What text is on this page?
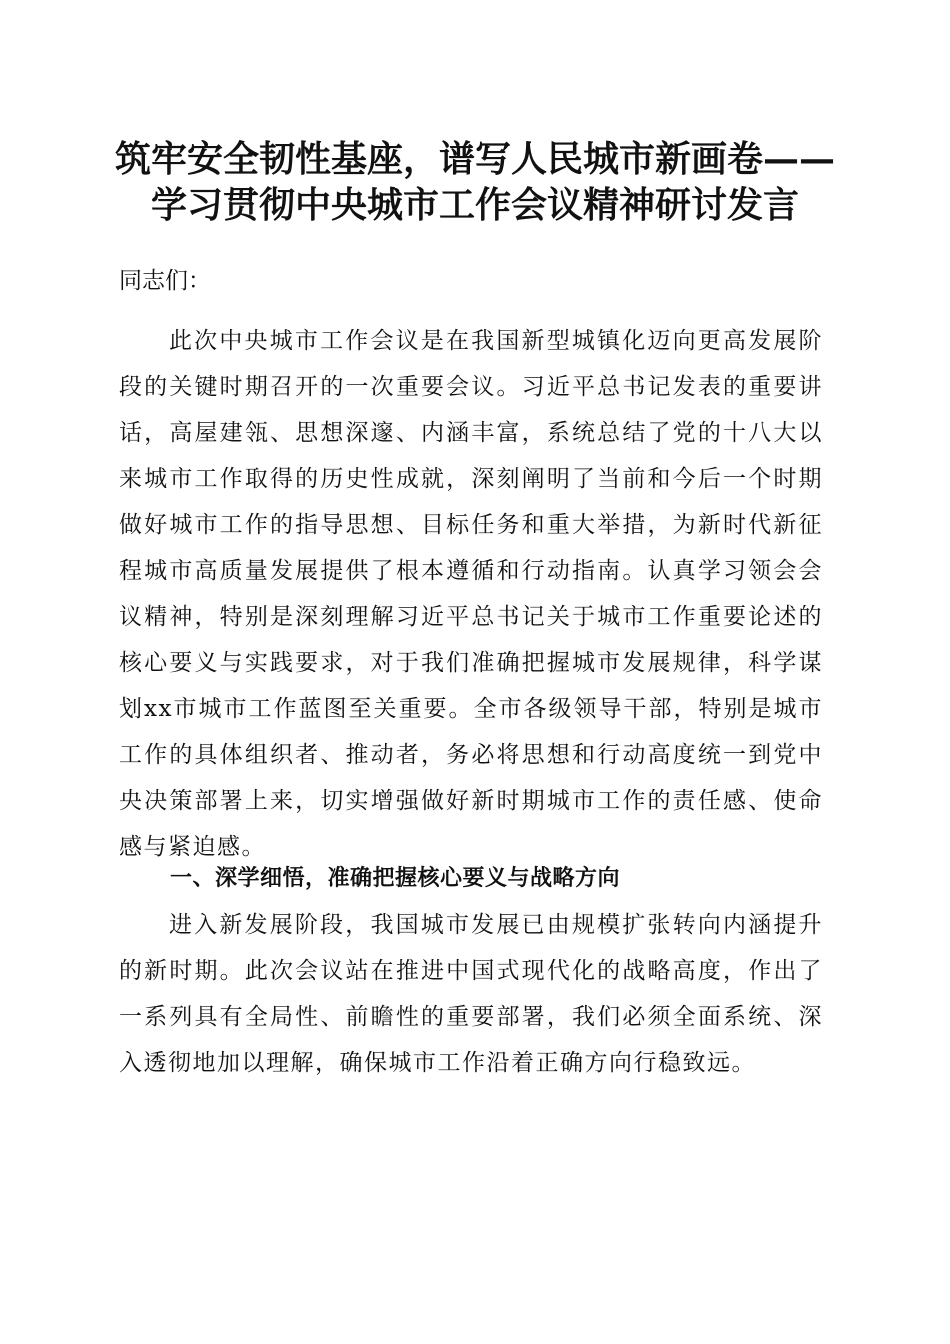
筑牢安全韧性基座，谱写人民城市新画卷——
学习贯彻中央城市工作会议精神研讨发言
同志们：
此次中央城市工作会议是在我国新型城镇化迈向更高发展阶段的关键时期召开的一次重要会议。习近平总书记发表的重要讲话，高屋建瓴、思想深邃、内涵丰富，系统总结了党的十八大以来城市工作取得的历史性成就，深刻阐明了当前和今后一个时期做好城市工作的指导思想、目标任务和重大举措，为新时代新征程城市高质量发展提供了根本遵循和行动指南。认真学习领会会议精神，特别是深刻理解习近平总书记关于城市工作重要论述的核心要义与实践要求，对于我们准确把握城市发展规律，科学谋划xx市城市工作蓝图至关重要。全市各级领导干部，特别是城市工作的具体组织者、推动者，务必将思想和行动高度统一到党中央决策部署上来，切实增强做好新时期城市工作的责任感、使命感与紧迫感。
一、深学细悟，准确把握核心要义与战略方向
进入新发展阶段，我国城市发展已由规模扩张转向内涵提升的新时期。此次会议站在推进中国式现代化的战略高度，作出了一系列具有全局性、前瞻性的重要部署，我们必须全面系统、深入透彻地加以理解，确保城市工作沿着正确方向行稳致远。
